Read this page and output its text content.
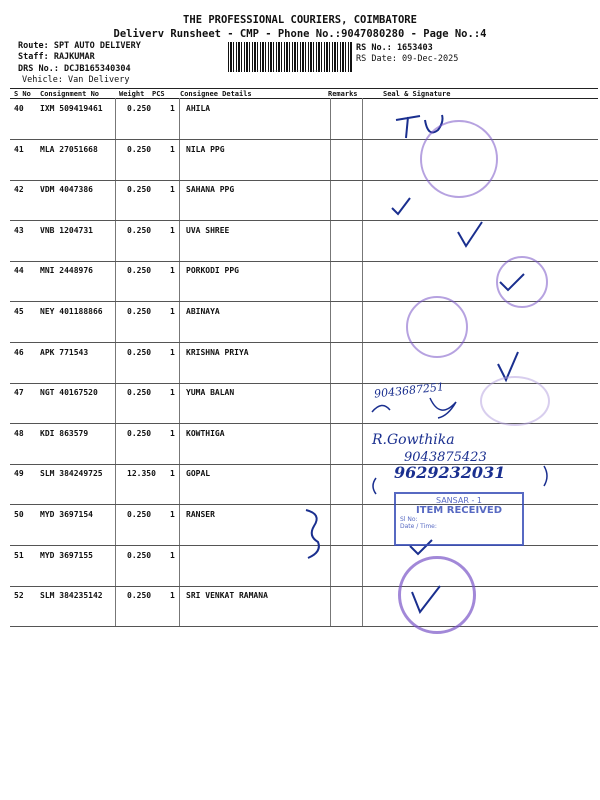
THE PROFESSIONAL COURIERS, COIMBATORE
Deliverv Runsheet - CMP - Phone No.:9047080280 - Page No.:4
Route: SPT AUTO DELIVERY
Staff: RAJKUMAR
DRS No.: DCJB165340304
Vehicle: Van Delivery
RS No.: 1653403
RS Date: 09-Dec-2025
S No Consignment No	Weight PCS Consignee Details	Remarks	Seal & Signature
40 IXM 509419461	0.250 1 AHILA
41 MLA 27051668	0.250 1 NILA PPG
42 VDM 4047386	0.250 1 SAHANA PPG
43 VNB 1204731	0.250 1 UVA SHREE
44 MNI 2448976	0.250 1 PORKODI PPG
45 NEY 401188866	0.250 1 ABINAYA
46 APK 771543	0.250 1 KRISHNA PRIYA
47 NGT 40167520	0.250 1 YUMA BALAN
48 KDI 863579	0.250 1 KOWTHIGA
49 SLM 384249725	12.350 1 GOPAL
50 MYD 3697154	0.250 1 RANSER
51 MYD 3697155	0.250 1
52 SLM 384235142	0.250 1 SRI VENKAT RAMANA
9043687251
R.Gowthika
9043875423
9629232031
SANSAR - 1
ITEM RECEIVED
Sl No:
Date / Time:
